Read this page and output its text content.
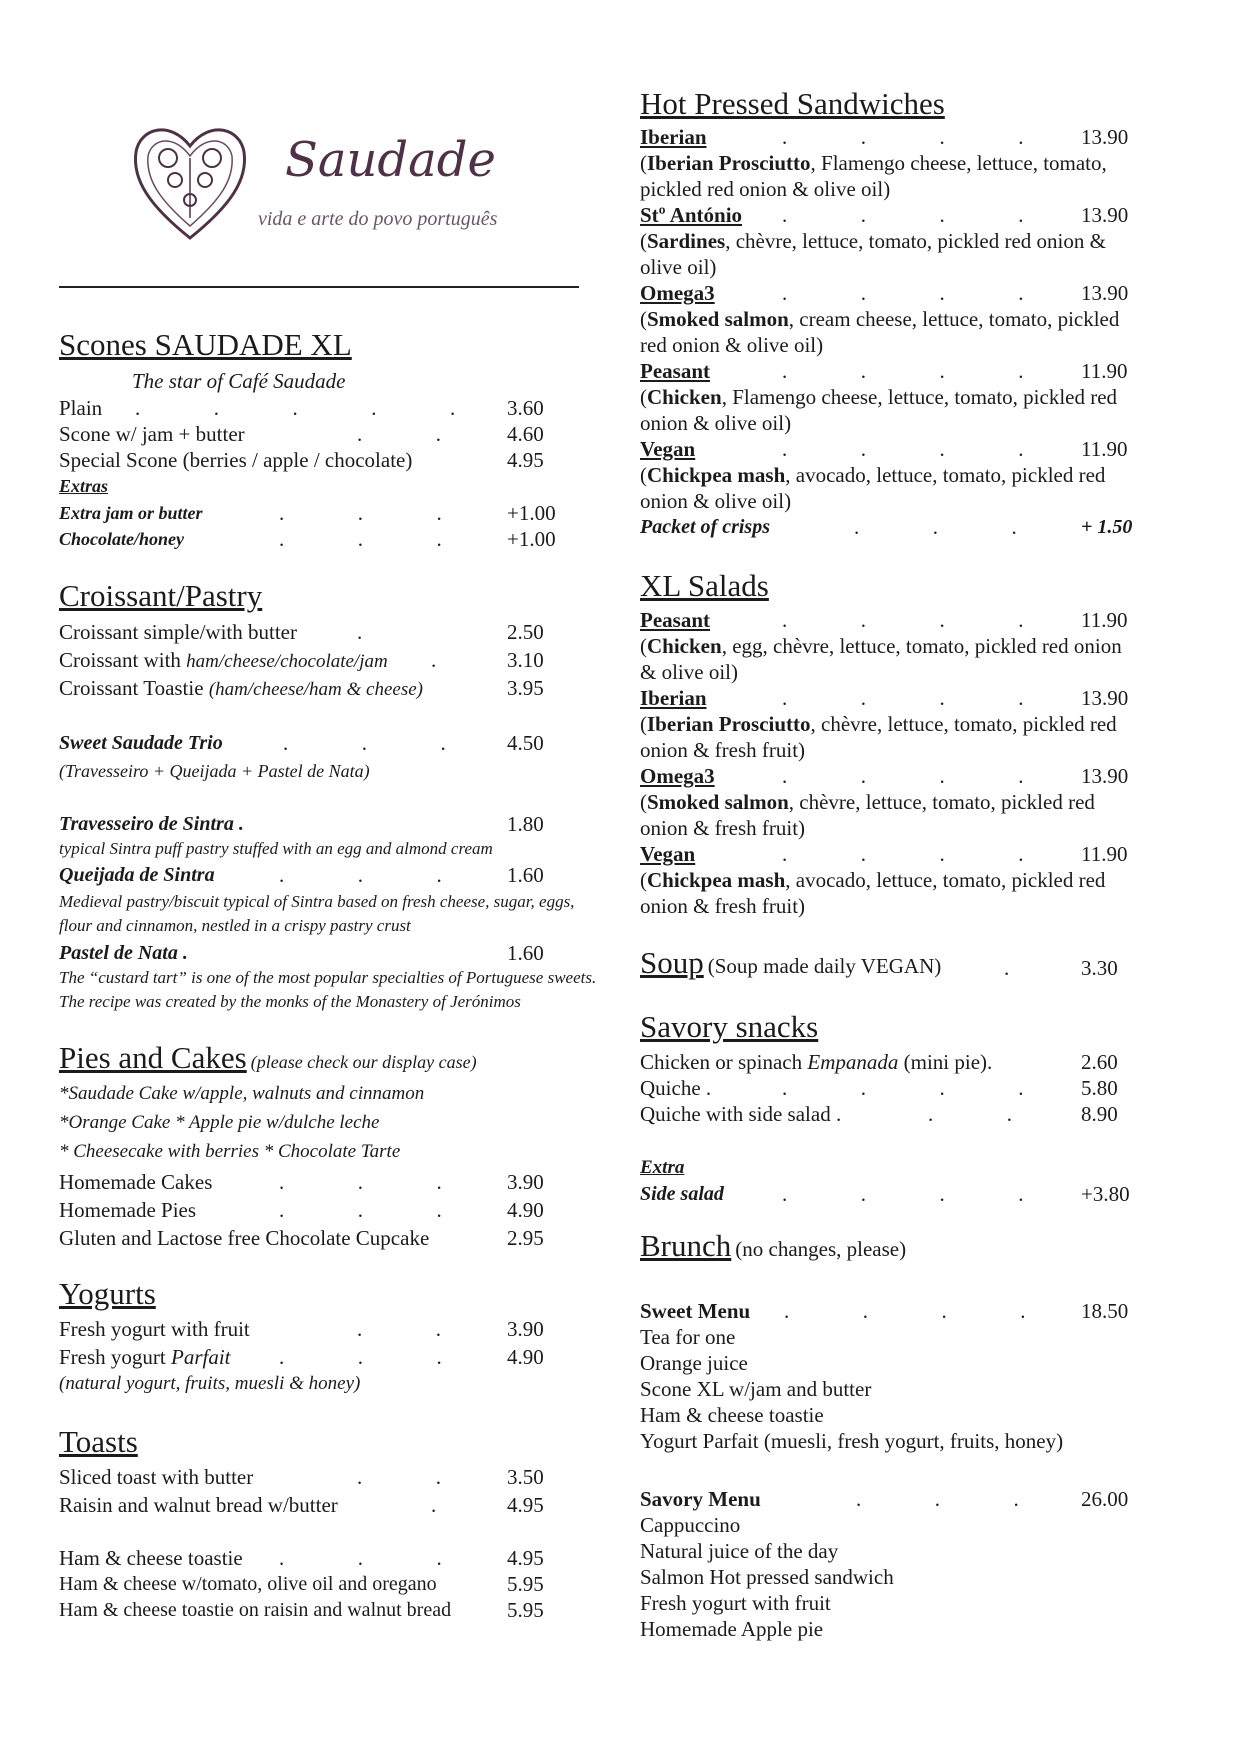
Saudade
vida e arte do povo português
Scones SAUDADE XL
The star of Café Saudade
Plain .              .              .              .              . 3.60
Scone w/ jam + butter	.              .	4.60
Special Scone (berries / apple / chocolate)	4.95
Extras
Extra jam or butter	.              .              .	+1.00
Chocolate/honey	.              .              .	+1.00
Croissant/Pastry
Croissant simple/with butter	.	2.50
Croissant with ham/cheese/chocolate/jam .	3.10
Croissant Toastie (ham/cheese/ham & cheese)	3.95
Sweet Saudade Trio	.              .              .	4.50
(Travesseiro + Queijada + Pastel de Nata)
Travesseiro de Sintra .	1.80
typical Sintra puff pastry stuffed with an egg and almond cream
Queijada de Sintra	.              .              .	1.60
Medieval pastry/biscuit typical of Sintra based on fresh cheese, sugar, eggs,
flour and cinnamon, nestled in a crispy pastry crust
Pastel de Nata .	1.60
The “custard tart” is one of the most popular specialties of Portuguese sweets.
The recipe was created by the monks of the Monastery of Jerónimos
Pies and Cakes (please check our display case)
*Saudade Cake w/apple, walnuts and cinnamon
*Orange Cake * Apple pie w/dulche leche
* Cheesecake with berries * Chocolate Tarte
Homemade Cakes	.              .              .	3.90
Homemade Pies	.              .              .	4.90
Gluten and Lactose free Chocolate Cupcake	2.95
Yogurts
Fresh yogurt with fruit	.              .	3.90
Fresh yogurt Parfait .              .              .	4.90
(natural yogurt, fruits, muesli & honey)
Toasts
Sliced toast with butter	.              .	3.50
Raisin and walnut bread w/butter	.	4.95
Ham & cheese toastie .              .              .	4.95
Ham & cheese w/tomato, olive oil and oregano	5.95
Ham & cheese toastie on raisin and walnut bread	5.95
Hot Pressed Sandwiches
Iberian	.              .              .              .	13.90
(Iberian Prosciutto, Flamengo cheese, lettuce, tomato,
pickled red onion & olive oil)
Stº António .              .              .              .	13.90
(Sardines, chèvre, lettuce, tomato, pickled red onion &
olive oil)
Omega3	.              .              .              .	13.90
(Smoked salmon, cream cheese, lettuce, tomato, pickled
red onion & olive oil)
Peasant	.              .              .              .	11.90
(Chicken, Flamengo cheese, lettuce, tomato, pickled red
onion & olive oil)
Vegan	.              .              .              .	11.90
(Chickpea mash, avocado, lettuce, tomato, pickled red
onion & olive oil)
Packet of crisps	.              .              .	+ 1.50
XL Salads
Peasant	.              .              .              .	11.90
(Chicken, egg, chèvre, lettuce, tomato, pickled red onion
& olive oil)
Iberian	.              .              .              .	13.90
(Iberian Prosciutto, chèvre, lettuce, tomato, pickled red
onion & fresh fruit)
Omega3	.              .              .              .	13.90
(Smoked salmon, chèvre, lettuce, tomato, pickled red
onion & fresh fruit)
Vegan	.              .              .              .	11.90
(Chickpea mash, avocado, lettuce, tomato, pickled red
onion & fresh fruit)
Soup (Soup made daily VEGAN)	.	3.30
Savory snacks
Chicken or spinach Empanada (mini pie).	2.60
Quiche .	.              .              .              .	5.80
Quiche with side salad .	.              .	8.90
Extra
Side salad	.              .              .              .	+3.80
Brunch (no changes, please)
Sweet Menu .              .              .              .	18.50
Tea for one
Orange juice
Scone XL w/jam and butter
Ham & cheese toastie
Yogurt Parfait (muesli, fresh yogurt, fruits, honey)
Savory Menu	.              .              .	26.00
Cappuccino
Natural juice of the day
Salmon Hot pressed sandwich
Fresh yogurt with fruit
Homemade Apple pie
